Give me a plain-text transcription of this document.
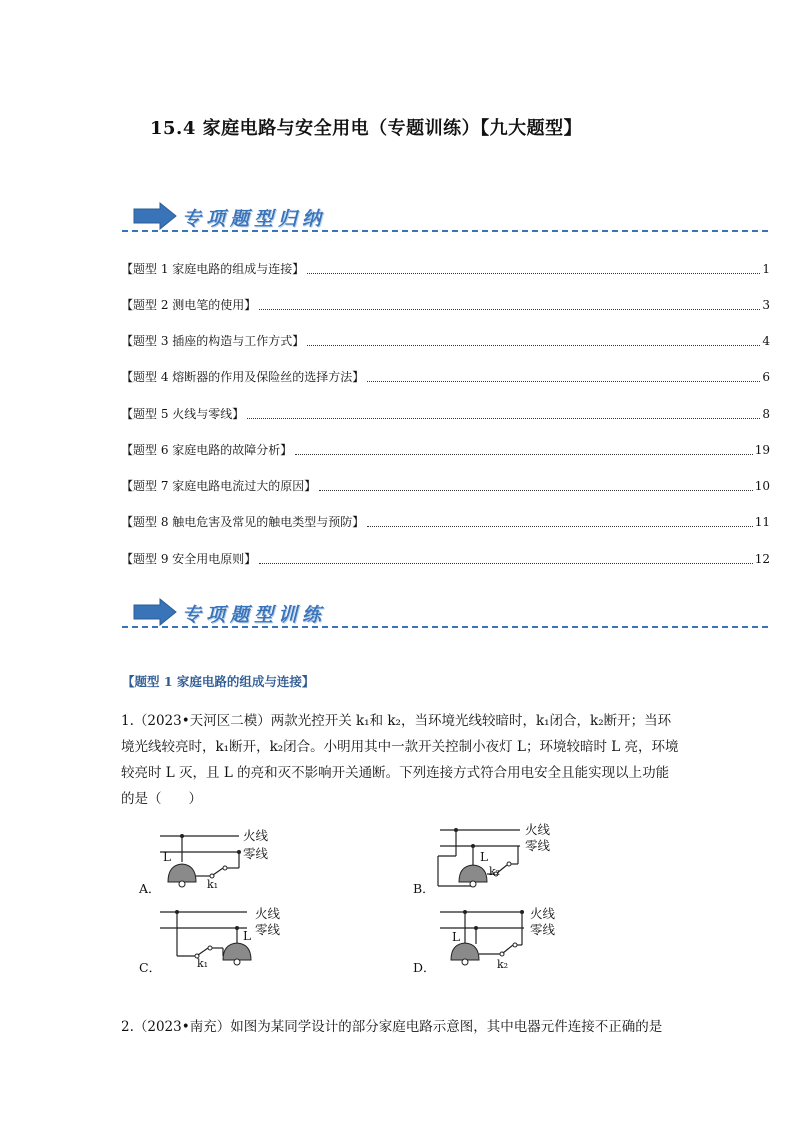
15.4 家庭电路与安全用电（专题训练）【九大题型】
专项题型归纳
【题型 1 家庭电路的组成与连接】	1
【题型 2 测电笔的使用】	3
【题型 3 插座的构造与工作方式】	4
【题型 4 熔断器的作用及保险丝的选择方法】	6
【题型 5 火线与零线】	8
【题型 6 家庭电路的故障分析】	19
【题型 7 家庭电路电流过大的原因】	10
【题型 8 触电危害及常见的触电类型与预防】	11
【题型 9 安全用电原则】	12
专项题型训练
【题型 1 家庭电路的组成与连接】
1.（2023•天河区二模）两款光控开关 k₁和 k₂，当环境光线较暗时，k₁闭合，k₂断开；当环境光线较亮时，k₁断开，k₂闭合。小明用其中一款开关控制小夜灯 L；环境较暗时 L 亮，环境较亮时 L 灭，且 L 的亮和灭不影响开关通断。下列连接方式符合用电安全且能实现以上功能的是（　　）
A．
L
k₁
火线
零线
B．
L
k₂
火线
零线
C．	k₁
L
火线
零线
D．
L
k₂
火线
零线
2.（2023•南充）如图为某同学设计的部分家庭电路示意图，其中电器元件连接不正确的是
